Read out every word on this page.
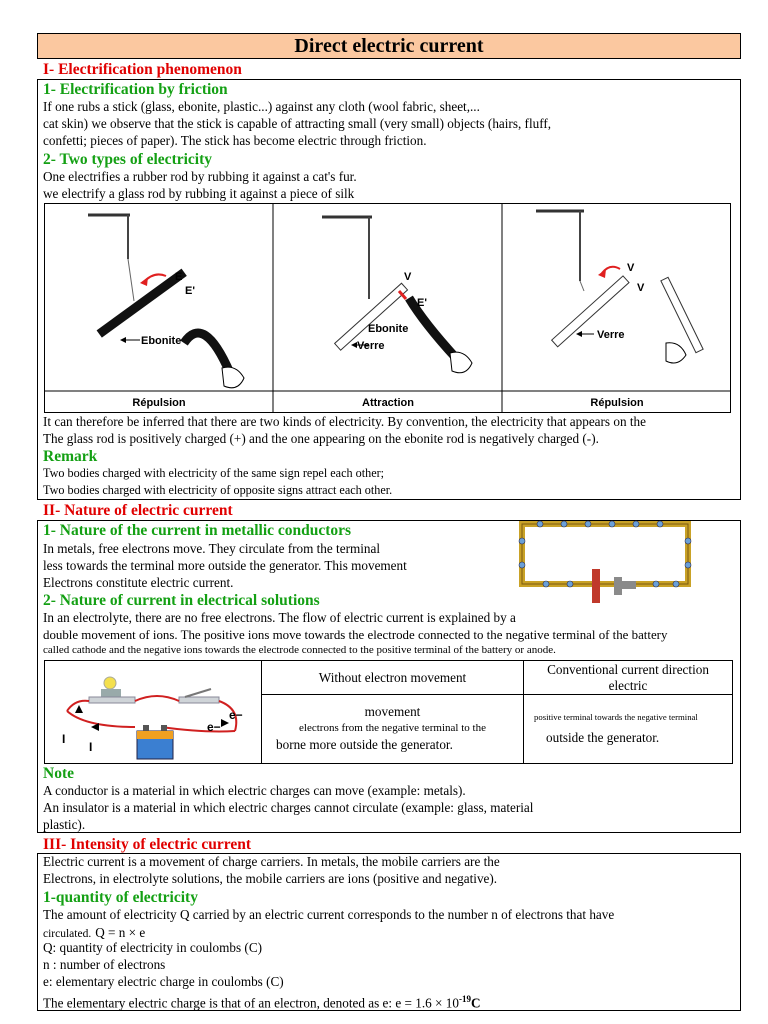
Direct electric current
I- Electrification phenomenon
1- Electrification by friction
If one rubs a stick (glass, ebonite, plastic...) against any cloth (wool fabric, sheet,...
cat skin) we observe that the stick is capable of attracting small (very small) objects (hairs, fluff,
confetti; pieces of paper). The stick has become electric through friction.
2- Two types of electricity
One electrifies a rubber rod by rubbing it against a cat's fur.
we electrify a glass rod by rubbing it against a piece of silk
E
E'
Ebonite
Répulsion
V
E'
Ebonite
Verre
Attraction
V
V
Verre
Répulsion
It can therefore be inferred that there are two kinds of electricity. By convention, the electricity that appears on the
The glass rod is positively charged (+) and the one appearing on the ebonite rod is negatively charged (-).
Remark
Two bodies charged with electricity of the same sign repel each other;
Two bodies charged with electricity of opposite signs attract each other.
II- Nature of electric current
1- Nature of the current in metallic conductors
In metals, free electrons move. They circulate from the terminal
less towards the terminal more outside the generator. This movement
Electrons constitute electric current.
2- Nature of current in electrical solutions
In an electrolyte, there are no free electrons. The flow of electric current is explained by a
double movement of ions. The positive ions move towards the electrode connected to the negative terminal of the battery
called cathode and the negative ions towards the electrode connected to the positive terminal of the battery or anode.
I
I
e−
e−
Without electron movement
Conventional current direction
electric
movement
electrons from the negative terminal to the
borne more outside the generator.
positive terminal towards the negative terminal
outside the generator.
Note
A conductor is a material in which electric charges can move (example: metals).
An insulator is a material in which electric charges cannot circulate (example: glass, material
plastic).
III- Intensity of electric current
Electric current is a movement of charge carriers. In metals, the mobile carriers are the
Electrons, in electrolyte solutions, the mobile carriers are ions (positive and negative).
1-quantity of electricity
The amount of electricity Q carried by an electric current corresponds to the number n of electrons that have
circulated. Q = n × e
Q: quantity of electricity in coulombs (C)
n : number of electrons
e: elementary electric charge in coulombs (C)
The elementary electric charge is that of an electron, denoted as e: $e = 1.6 \times 10^{-19}C$
